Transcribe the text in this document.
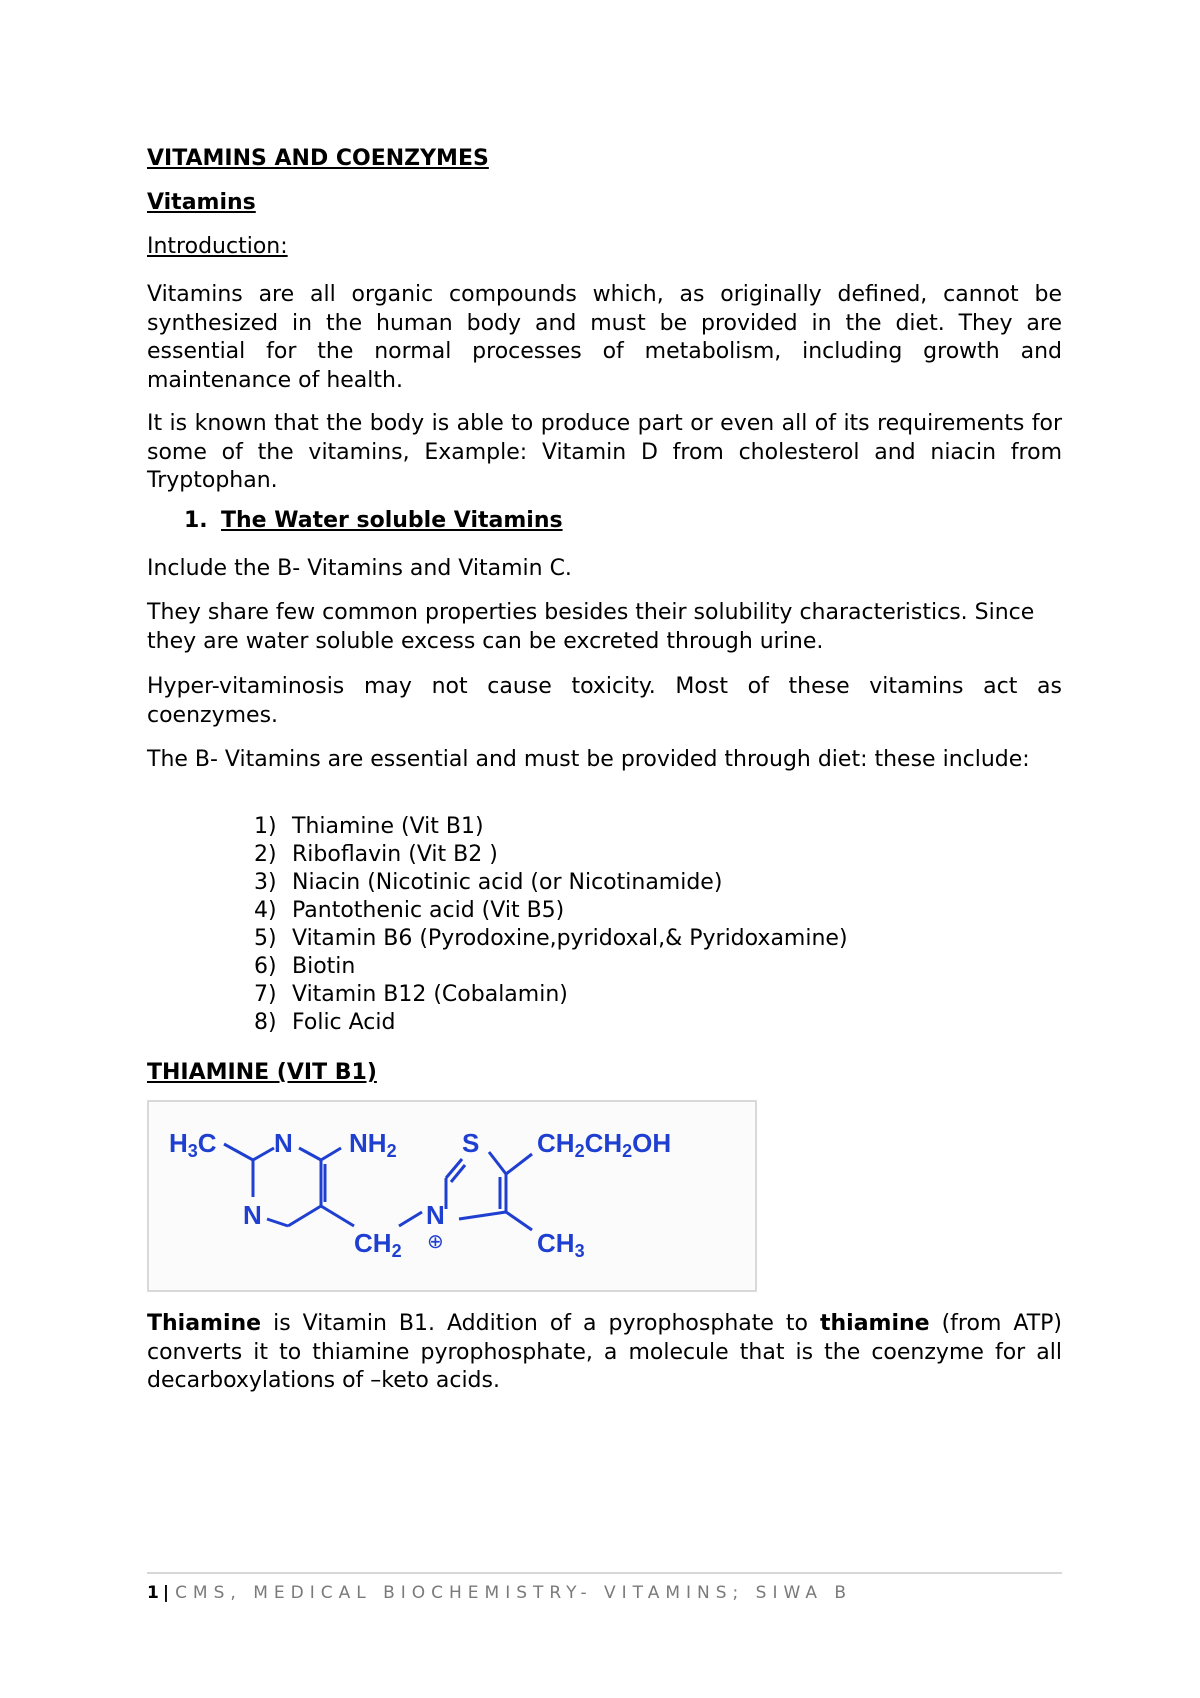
VITAMINS AND COENZYMES
Vitamins
Introduction:
Vitamins are all organic compounds which, as originally defined, cannot be synthesized in the human body and must be provided in the diet. They are essential for the normal processes of metabolism, including growth and maintenance of health.
It is known that the body is able to produce part or even all of its requirements for some of the vitamins, Example: Vitamin D from cholesterol and niacin from Tryptophan.
1. The Water soluble Vitamins
Include the B- Vitamins and Vitamin C.
They share few common properties besides their solubility characteristics. Since they are water soluble excess can be excreted through urine.
Hyper-vitaminosis may not cause toxicity. Most of these vitamins act as coenzymes.
The B- Vitamins are essential and must be provided through diet: these include:
1) Thiamine (Vit B1)
2) Riboflavin (Vit B2 )
3) Niacin (Nicotinic acid (or Nicotinamide)
4) Pantothenic acid (Vit B5)
5) Vitamin B6 (Pyrodoxine,pyridoxal,& Pyridoxamine)
6) Biotin
7) Vitamin B12 (Cobalamin)
8) Folic Acid
THIAMINE (VIT B1)
H3C N NH2	S CH2CH2OH
N	N
CH2	CH3
⊕
Thiamine is Vitamin B1. Addition of a pyrophosphate to thiamine (from ATP) converts it to thiamine pyrophosphate, a molecule that is the coenzyme for all decarboxylations of –keto acids.
1 | CMS, MEDICAL BIOCHEMISTRY- VITAMINS; SIWA B
